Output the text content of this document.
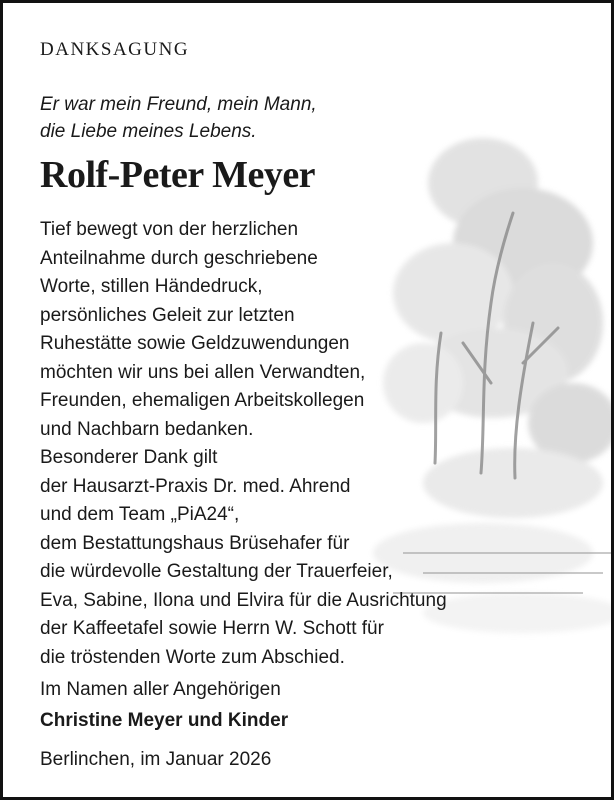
DANKSAGUNG
Er war mein Freund, mein Mann,
die Liebe meines Lebens.
Rolf-Peter Meyer
Tief bewegt von der herzlichen
Anteilnahme durch geschriebene
Worte, stillen Händedruck,
persönliches Geleit zur letzten
Ruhestätte sowie Geldzuwendungen
möchten wir uns bei allen Verwandten,
Freunden, ehemaligen Arbeitskollegen
und Nachbarn bedanken.
Besonderer Dank gilt
der Hausarzt-Praxis Dr. med. Ahrend
und dem Team „PiA24“,
dem Bestattungshaus Brüsehafer für
die würdevolle Gestaltung der Trauerfeier,
Eva, Sabine, Ilona und Elvira für die Ausrichtung
der Kaffeetafel sowie Herrn W. Schott für
die tröstenden Worte zum Abschied.
Im Namen aller Angehörigen
Christine Meyer und Kinder
Berlinchen, im Januar 2026
